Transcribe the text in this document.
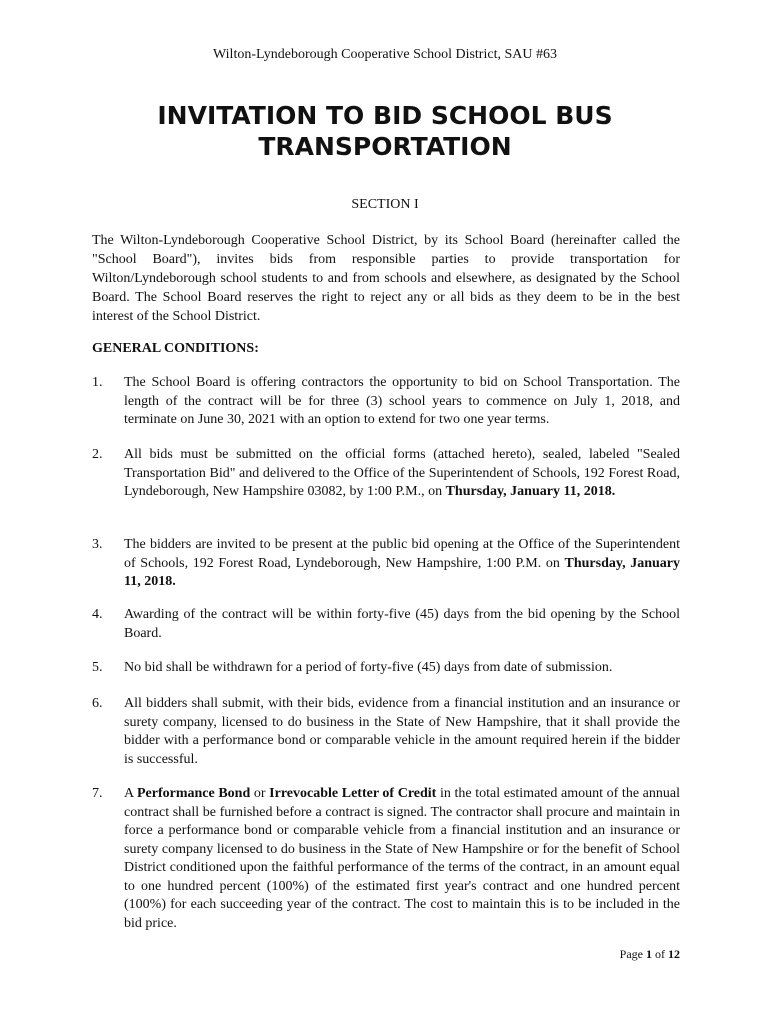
Wilton-Lyndeborough Cooperative School District, SAU #63
INVITATION TO BID SCHOOL BUS
TRANSPORTATION
SECTION I
The Wilton-Lyndeborough Cooperative School District, by its School Board (hereinafter called the "School Board"), invites bids from responsible parties to provide transportation for Wilton/Lyndeborough school students to and from schools and elsewhere, as designated by the School Board. The School Board reserves the right to reject any or all bids as they deem to be in the best interest of the School District.
GENERAL CONDITIONS:
1. The School Board is offering contractors the opportunity to bid on School Transportation. The length of the contract will be for three (3) school years to commence on July 1, 2018, and terminate on June 30, 2021 with an option to extend for two one year terms.
2. All bids must be submitted on the official forms (attached hereto), sealed, labeled "Sealed Transportation Bid" and delivered to the Office of the Superintendent of Schools, 192 Forest Road, Lyndeborough, New Hampshire 03082, by 1:00 P.M., on Thursday, January 11, 2018.
3. The bidders are invited to be present at the public bid opening at the Office of the Superintendent of Schools, 192 Forest Road, Lyndeborough, New Hampshire, 1:00 P.M. on Thursday, January 11, 2018.
4. Awarding of the contract will be within forty-five (45) days from the bid opening by the School Board.
5. No bid shall be withdrawn for a period of forty-five (45) days from date of submission.
6. All bidders shall submit, with their bids, evidence from a financial institution and an insurance or surety company, licensed to do business in the State of New Hampshire, that it shall provide the bidder with a performance bond or comparable vehicle in the amount required herein if the bidder is successful.
7. A Performance Bond or Irrevocable Letter of Credit in the total estimated amount of the annual contract shall be furnished before a contract is signed. The contractor shall procure and maintain in force a performance bond or comparable vehicle from a financial institution and an insurance or surety company licensed to do business in the State of New Hampshire or for the benefit of School District conditioned upon the faithful performance of the terms of the contract, in an amount equal to one hundred percent (100%) of the estimated first year's contract and one hundred percent (100%) for each succeeding year of the contract. The cost to maintain this is to be included in the bid price.
Page 1 of 12
